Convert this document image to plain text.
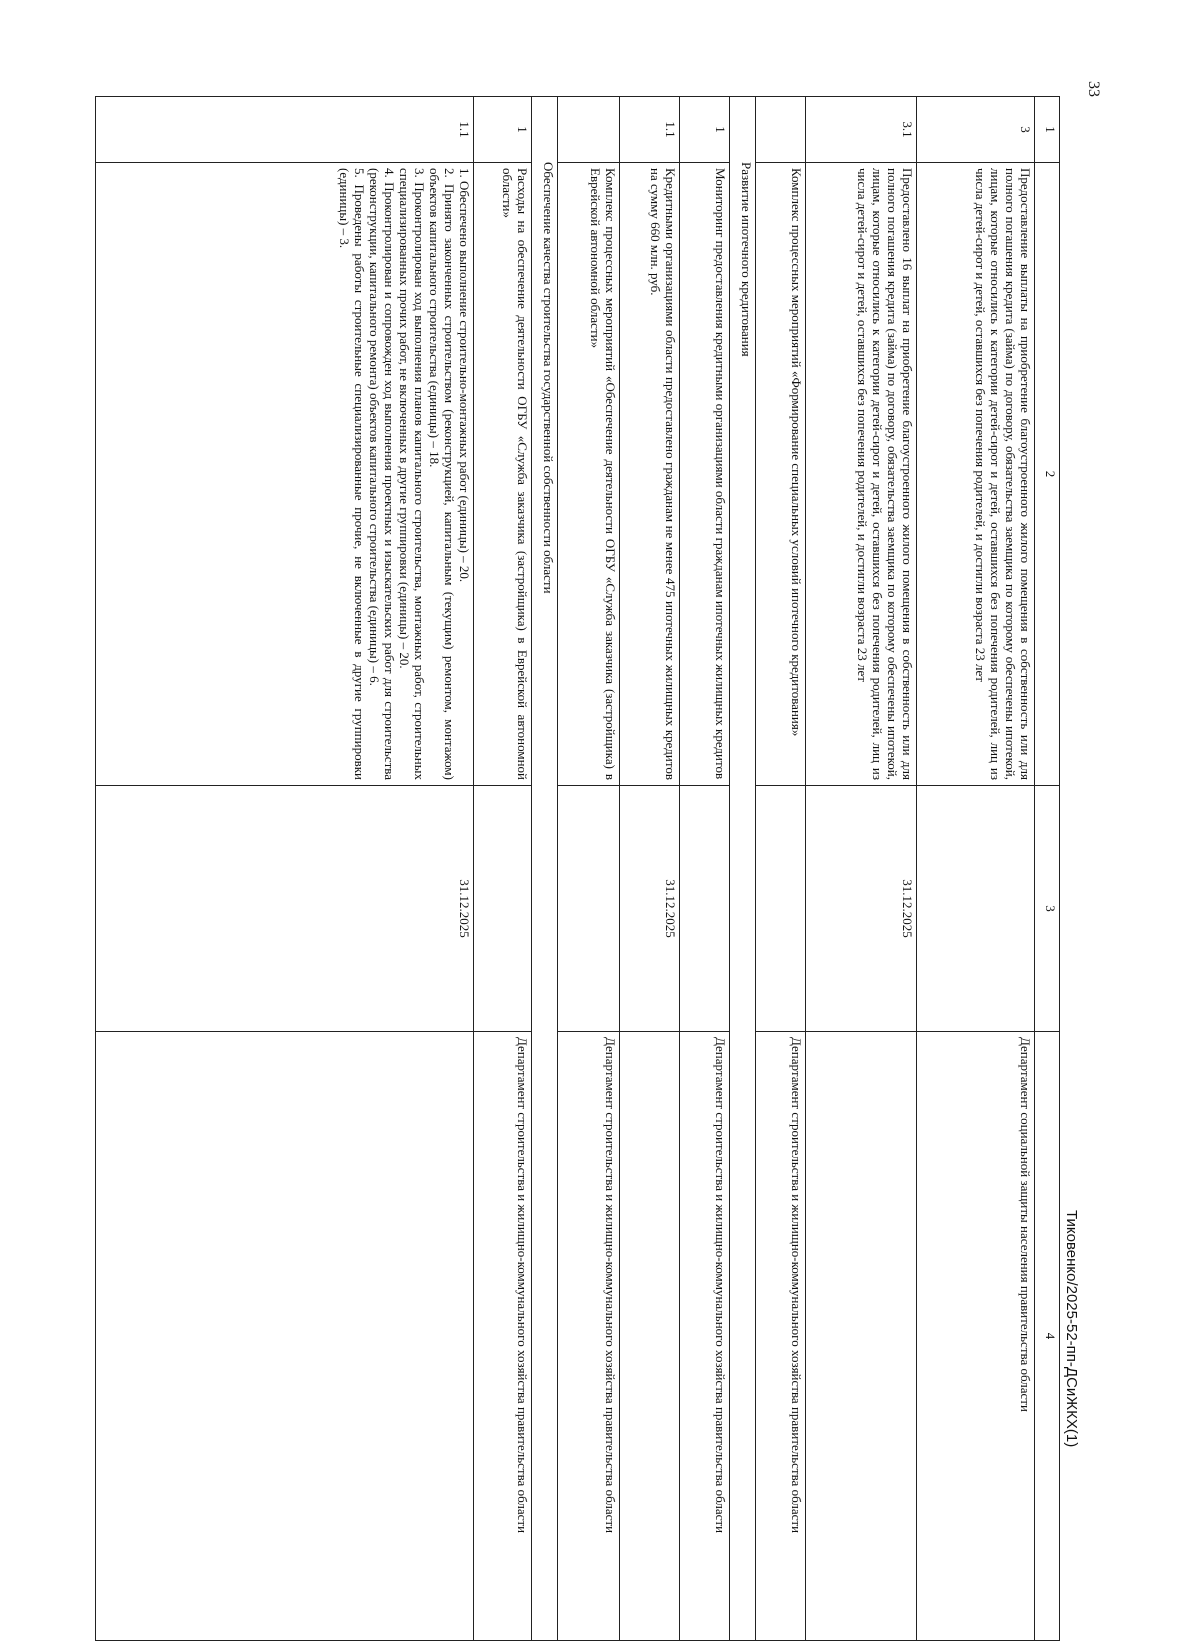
33
1	2	3	4
3	Предоставление выплаты на приобретение благоустроенного жилого помещения в собственность или для полного погашения кредита (займа) по договору, обязательства заемщика по которому обеспечены ипотекой, лицам, которые относились к категории детей-сирот и детей, оставшихся без попечения родителей, лиц из числа детей-сирот и детей, оставшихся без попечения родителей, и достигли возраста 23 лет		Департамент социальной защиты населения правительства области
3.1	Предоставлено 16 выплат на приобретение благоустроенного жилого помещения в собственность или для полного погашения кредита (займа) по договору, обязательства заемщика по которому обеспечены ипотекой, лицам, которые относились к категории детей-сирот и детей, оставшихся без попечения родителей, лиц из числа детей-сирот и детей, оставшихся без попечения родителей, и достигли возраста 23 лет	31.12.2025	
	Комплекс процессных мероприятий «Формирование специальных условий ипотечного кредитования»		Департамент строительства и жилищно-коммунального хозяйства правительства области
Развитие ипотечного кредитования			
1	Мониторинг предоставления кредитными организациями области гражданам ипотечных жилищных кредитов		Департамент строительства и жилищно-коммунального хозяйства правительства области
1.1	Кредитными организациями области предоставлено гражданам не менее 475 ипотечных жилищных кредитов на сумму 660 млн. руб.	31.12.2025	
	Комплекс процессных мероприятий «Обеспечение деятельности ОГБУ «Служба заказчика (застройщика) в Еврейской автономной области»		Департамент строительства и жилищно-коммунального хозяйства правительства области
Обеспечение качества строительства государственной собственности области			
1	Расходы на обеспечение деятельности ОГБУ «Служба заказчика (застройщика) в Еврейской автономной области»		Департамент строительства и жилищно-коммунального хозяйства правительства области
1.1	1. Обеспечено выполнение строительно-монтажных работ (единицы) – 20.
2. Принято законченных строительством (реконструкцией, капитальным (текущим) ремонтом, монтажом) объектов капитального строительства (единицы) – 18.
3. Проконтролирован ход выполнения планов капитального строительства, монтажных работ, строительных специализированных прочих работ, не включенных в другие группировки (единицы) – 20.
4. Проконтролирован и сопровожден ход выполнения проектных и изыскательских работ для строительства (реконструкции, капитального ремонта) объектов капитального строительства (единицы) – 6.
5. Проведены работы строительные специализированные прочие, не включенные в другие группировки (единицы) – 3.	31.12.2025	
Тиковенко/2025-52-пп-ДСиЖКХ(1)
